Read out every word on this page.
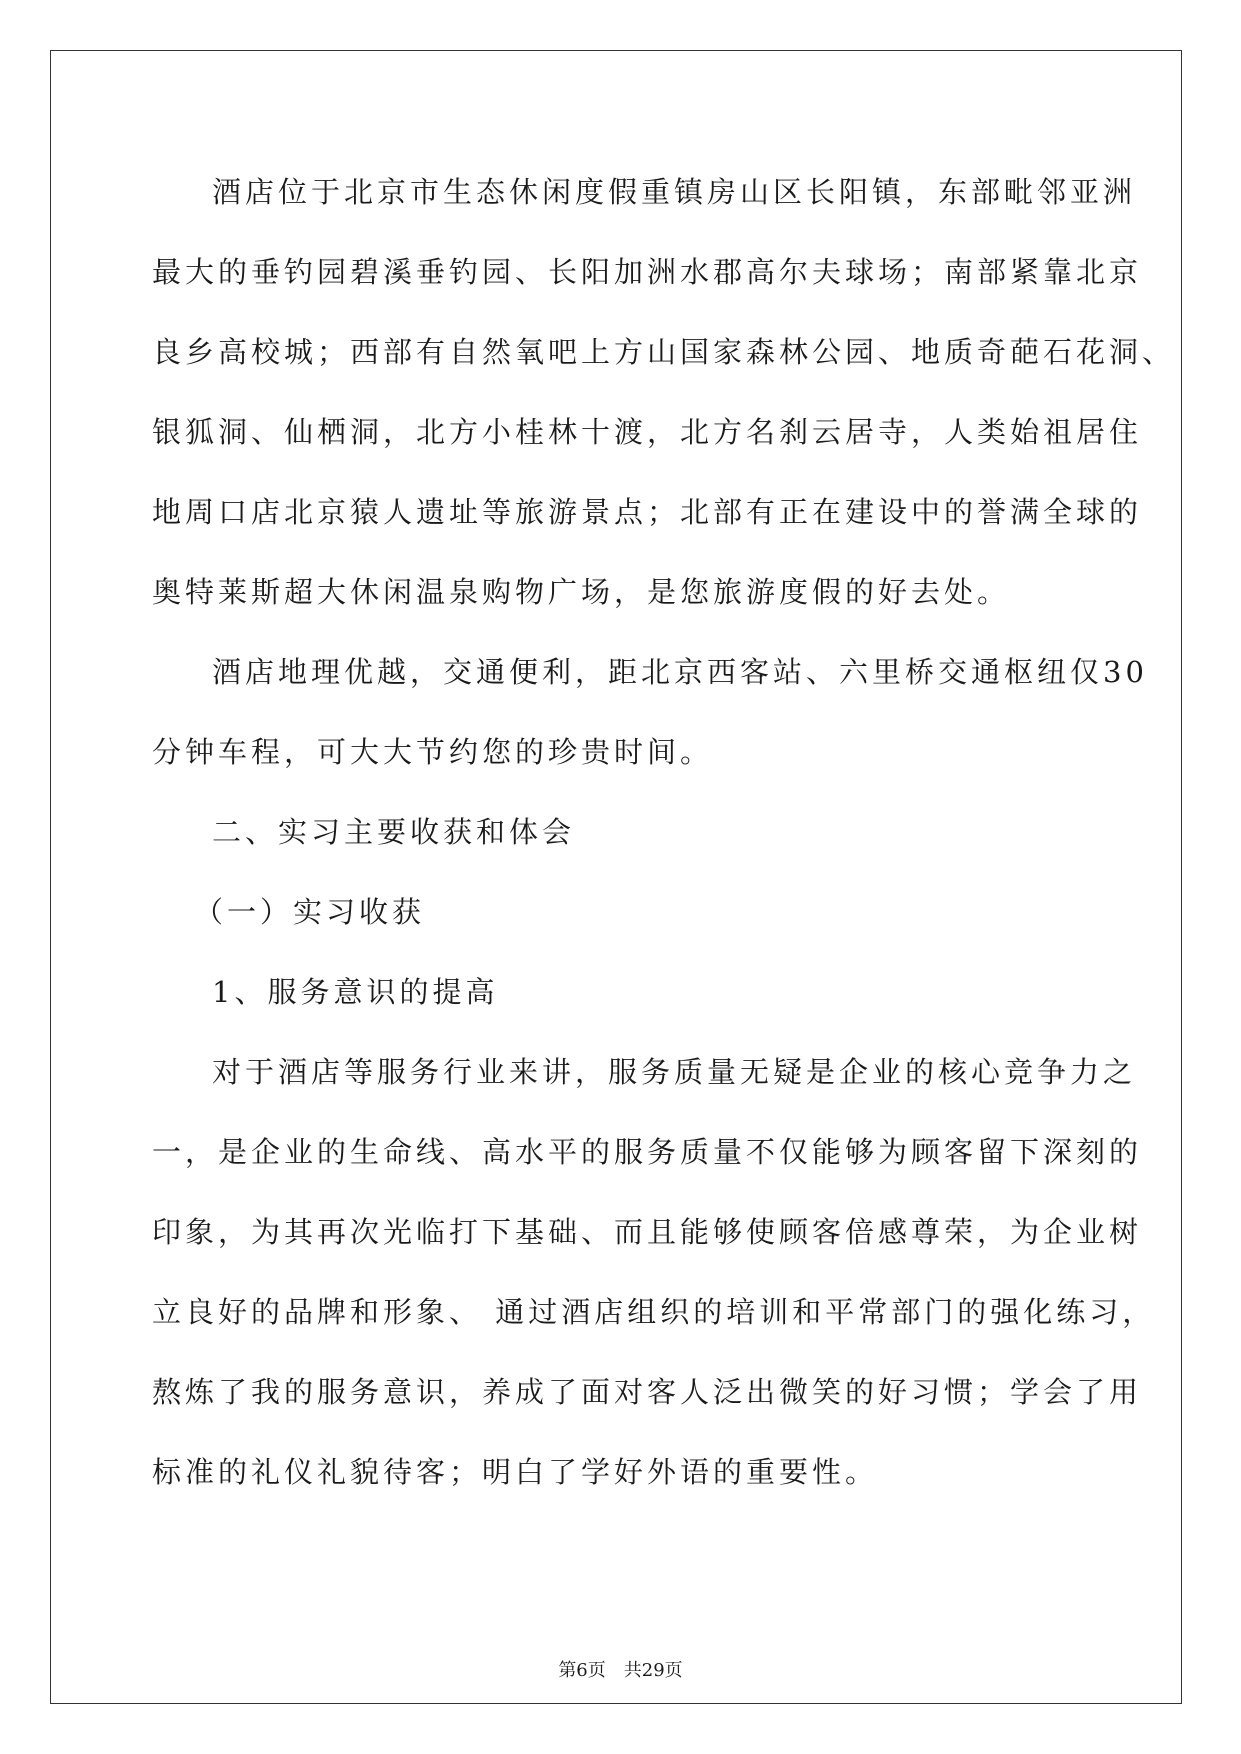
酒店位于北京市生态休闲度假重镇房山区长阳镇，东部毗邻亚洲
最大的垂钓园碧溪垂钓园、长阳加洲水郡高尔夫球场；南部紧靠北京
良乡高校城；西部有自然氧吧上方山国家森林公园、地质奇葩石花洞、
银狐洞、仙栖洞，北方小桂林十渡，北方名刹云居寺，人类始祖居住
地周口店北京猿人遗址等旅游景点；北部有正在建设中的誉满全球的
奥特莱斯超大休闲温泉购物广场，是您旅游度假的好去处。
酒店地理优越，交通便利，距北京西客站、六里桥交通枢纽仅30
分钟车程，可大大节约您的珍贵时间。
二、实习主要收获和体会
（一）实习收获
1、服务意识的提高
对于酒店等服务行业来讲，服务质量无疑是企业的核心竞争力之
一，是企业的生命线、高水平的服务质量不仅能够为顾客留下深刻的
印象，为其再次光临打下基础、而且能够使顾客倍感尊荣，为企业树
立良好的品牌和形象、 通过酒店组织的培训和平常部门的强化练习，
熬炼了我的服务意识，养成了面对客人泛出微笑的好习惯；学会了用
标准的礼仪礼貌待客；明白了学好外语的重要性。
第6页 共29页
